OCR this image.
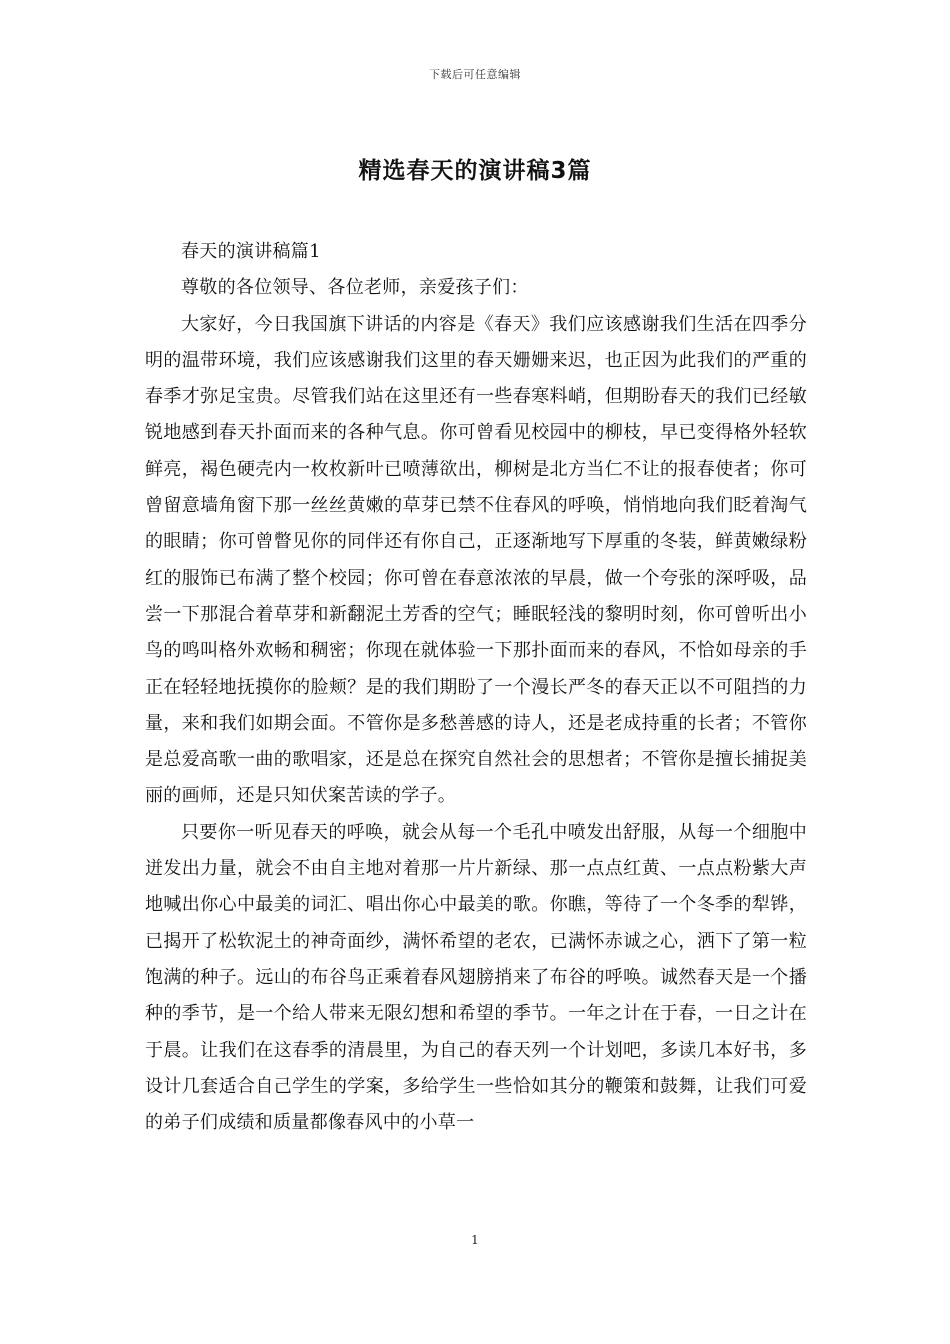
下载后可任意编辑
精选春天的演讲稿3篇

春天的演讲稿篇1

尊敬的各位领导、各位老师，亲爱孩子们：

大家好，今日我国旗下讲话的内容是《春天》我们应该感谢我们生活在四季分明的温带环境，我们应该感谢我们这里的春天姗姗来迟，也正因为此我们的严重的春季才弥足宝贵。尽管我们站在这里还有一些春寒料峭，但期盼春天的我们已经敏锐地感到春天扑面而来的各种气息。你可曾看见校园中的柳枝，早已变得格外轻软鲜亮，褐色硬壳内一枚枚新叶已喷薄欲出，柳树是北方当仁不让的报春使者；你可曾留意墙角窗下那一丝丝黄嫩的草芽已禁不住春风的呼唤，悄悄地向我们眨着淘气的眼睛；你可曾瞥见你的同伴还有你自己，正逐渐地写下厚重的冬装，鲜黄嫩绿粉红的服饰已布满了整个校园；你可曾在春意浓浓的早晨，做一个夸张的深呼吸，品尝一下那混合着草芽和新翻泥土芳香的空气；睡眠轻浅的黎明时刻，你可曾听出小鸟的鸣叫格外欢畅和稠密；你现在就体验一下那扑面而来的春风，不恰如母亲的手正在轻轻地抚摸你的脸颊？是的我们期盼了一个漫长严冬的春天正以不可阻挡的力量，来和我们如期会面。不管你是多愁善感的诗人，还是老成持重的长者；不管你是总爱高歌一曲的歌唱家，还是总在探究自然社会的思想者；不管你是擅长捕捉美丽的画师，还是只知伏案苦读的学子。

只要你一听见春天的呼唤，就会从每一个毛孔中喷发出舒服，从每一个细胞中迸发出力量，就会不由自主地对着那一片片新绿、那一点点红黄、一点点粉紫大声地喊出你心中最美的词汇、唱出你心中最美的歌。你瞧，等待了一个冬季的犁铧，已揭开了松软泥土的神奇面纱，满怀希望的老农，已满怀赤诚之心，洒下了第一粒饱满的种子。远山的布谷鸟正乘着春风翅膀捎来了布谷的呼唤。诚然春天是一个播种的季节，是一个给人带来无限幻想和希望的季节。一年之计在于春，一日之计在于晨。让我们在这春季的清晨里，为自己的春天列一个计划吧，多读几本好书，多设计几套适合自己学生的学案，多给学生一些恰如其分的鞭策和鼓舞，让我们可爱的弟子们成绩和质量都像春风中的小草一

1
